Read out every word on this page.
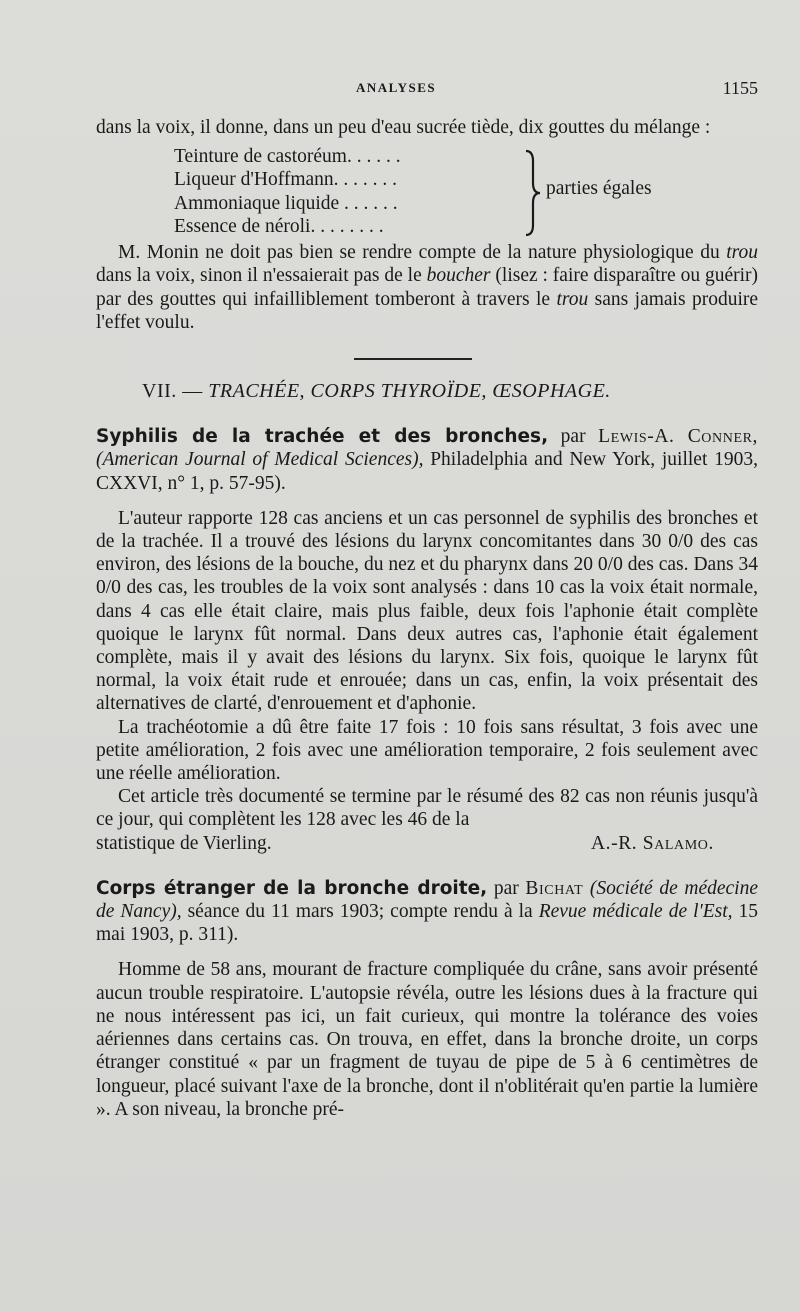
ANALYSES	1155

dans la voix, il donne, dans un peu d'eau sucrée tiède, dix gouttes du mélange :

Teinture de castoréum. . . . . .
Liqueur d'Hoffmann. . . . . . .
Ammoniaque liquide . . . . . .
Essence de néroli. . . . . . . .
parties égales

M. Monin ne doit pas bien se rendre compte de la nature physiologique du trou dans la voix, sinon il n'essaierait pas de le boucher (lisez : faire disparaître ou guérir) par des gouttes qui infailliblement tomberont à travers le trou sans jamais produire l'effet voulu.

VII. — TRACHÉE, CORPS THYROÏDE, ŒSOPHAGE.

Syphilis de la trachée et des bronches, par Lewis-A. Conner, (American Journal of Medical Sciences), Philadelphia and New York, juillet 1903, CXXVI, n° 1, p. 57-95).

L'auteur rapporte 128 cas anciens et un cas personnel de syphilis des bronches et de la trachée. Il a trouvé des lésions du larynx concomitantes dans 30 0/0 des cas environ, des lésions de la bouche, du nez et du pharynx dans 20 0/0 des cas. Dans 34 0/0 des cas, les troubles de la voix sont analysés : dans 10 cas la voix était normale, dans 4 cas elle était claire, mais plus faible, deux fois l'aphonie était complète quoique le larynx fût normal. Dans deux autres cas, l'aphonie était également complète, mais il y avait des lésions du larynx. Six fois, quoique le larynx fût normal, la voix était rude et enrouée; dans un cas, enfin, la voix présentait des alternatives de clarté, d'enrouement et d'aphonie.

La trachéotomie a dû être faite 17 fois : 10 fois sans résultat, 3 fois avec une petite amélioration, 2 fois avec une amélioration temporaire, 2 fois seulement avec une réelle amélioration.

Cet article très documenté se termine par le résumé des 82 cas non réunis jusqu'à ce jour, qui complètent les 128 avec les 46 de la

statistique de Vierling.	A.-R. Salamo.

Corps étranger de la bronche droite, par Bichat (Société de médecine de Nancy), séance du 11 mars 1903; compte rendu à la Revue médicale de l'Est, 15 mai 1903, p. 311).

Homme de 58 ans, mourant de fracture compliquée du crâne, sans avoir présenté aucun trouble respiratoire. L'autopsie révéla, outre les lésions dues à la fracture qui ne nous intéressent pas ici, un fait curieux, qui montre la tolérance des voies aériennes dans certains cas. On trouva, en effet, dans la bronche droite, un corps étranger constitué « par un fragment de tuyau de pipe de 5 à 6 centimètres de longueur, placé suivant l'axe de la bronche, dont il n'oblitérait qu'en partie la lumière ». A son niveau, la bronche pré-
